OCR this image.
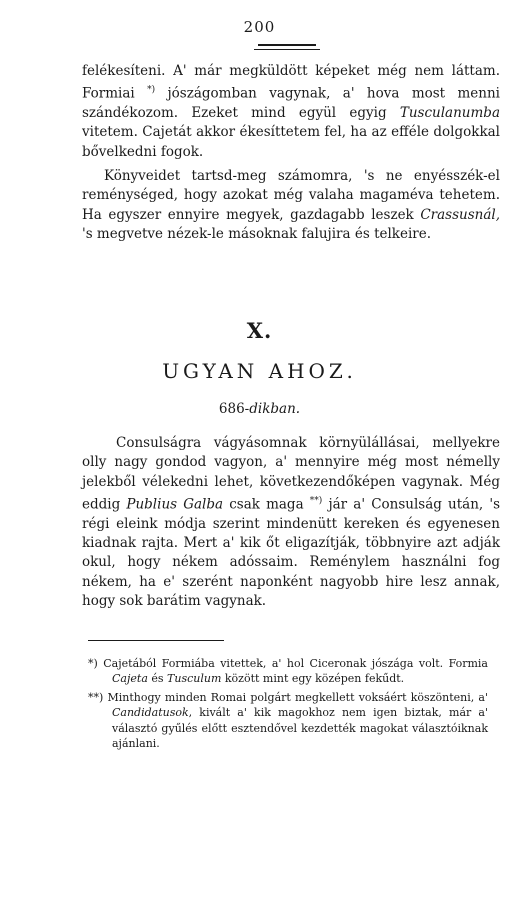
200

felékesíteni. A' már megküldött képeket még nem láttam. Formiai *) jószágomban vagynak, a' hova most menni szándékozom. Ezeket mind együl egyig Tusculanumba vitetem. Cajetát akkor ékesíttetem fel, ha az efféle dolgokkal bővelkedni fogok.

Könyveidet tartsd-meg számomra, 's ne enyésszék-el reménységed, hogy azokat még valaha magaméva tehetem. Ha egyszer ennyire megyek, gazdagabb leszek Crassusnál, 's megvetve nézek-le másoknak falujira és telkeire.

X.
UGYAN AHOZ.
686-dikban.

Consulságra vágyásomnak környülállásai, mellyekre olly nagy gondod vagyon, a' mennyire még most némelly jelekből vélekedni lehet, következendőképen vagynak. Még eddig Publius Galba csak maga **) jár a' Consulság után, 's régi eleink módja szerint mindenütt kereken és egyenesen kiadnak rajta. Mert a' kik őt eligazítják, többnyire azt adják okul, hogy nékem adóssaim. Reménylem használni fog nékem, ha e' szerént naponként nagyobb hire lesz annak, hogy sok barátim vagynak.

*) Cajetából Formiába vitettek, a' hol Ciceronak jószága volt. Formia Cajeta és Tusculum között mint egy középen fekűdt.
**) Minthogy minden Romai polgárt megkellett voksáért köszönteni, a' Candidatusok, kivált a' kik magokhoz nem igen biztak, már a' választó gyűlés előtt esztendővel kezdették magokat választóiknak ajánlani.
